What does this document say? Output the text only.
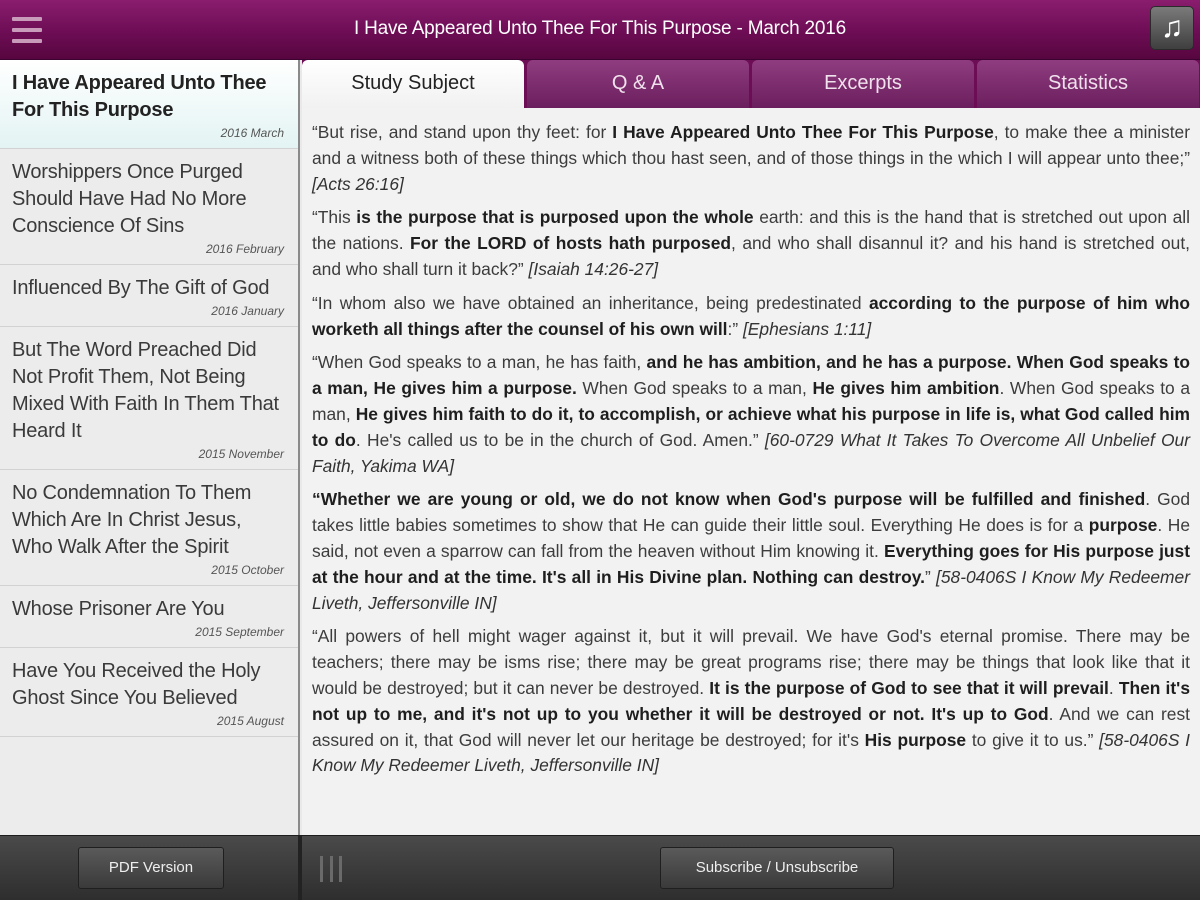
I Have Appeared Unto Thee For This Purpose - March 2016	♫
I Have Appeared Unto Thee For This Purpose
2016 March
Worshippers Once Purged Should Have Had No More Conscience Of Sins
2016 February
Influenced By The Gift of God
2016 January
But The Word Preached Did Not Profit Them, Not Being Mixed With Faith In Them That Heard It
2015 November
No Condemnation To Them Which Are In Christ Jesus, Who Walk After the Spirit
2015 October
Whose Prisoner Are You
2015 September
Have You Received the Holy Ghost Since You Believed
2015 August
Study Subject	Q & A	Excerpts	Statistics

“But rise, and stand upon thy feet: for I Have Appeared Unto Thee For This Purpose, to make thee a minister and a witness both of these things which thou hast seen, and of those things in the which I will appear unto thee;” [Acts 26:16]

“This is the purpose that is purposed upon the whole earth: and this is the hand that is stretched out upon all the nations. For the LORD of hosts hath purposed, and who shall disannul it? and his hand is stretched out, and who shall turn it back?” [Isaiah 14:26-27]

“In whom also we have obtained an inheritance, being predestinated according to the purpose of him who worketh all things after the counsel of his own will:” [Ephesians 1:11]

“When God speaks to a man, he has faith, and he has ambition, and he has a purpose. When God speaks to a man, He gives him a purpose. When God speaks to a man, He gives him ambition. When God speaks to a man, He gives him faith to do it, to accomplish, or achieve what his purpose in life is, what God called him to do. He's called us to be in the church of God. Amen.” [60-0729 What It Takes To Overcome All Unbelief Our Faith, Yakima WA]

“Whether we are young or old, we do not know when God's purpose will be fulfilled and finished. God takes little babies sometimes to show that He can guide their little soul. Everything He does is for a purpose. He said, not even a sparrow can fall from the heaven without Him knowing it. Everything goes for His purpose just at the hour and at the time. It's all in His Divine plan. Nothing can destroy.” [58-0406S I Know My Redeemer Liveth, Jeffersonville IN]

“All powers of hell might wager against it, but it will prevail. We have God's eternal promise. There may be teachers; there may be isms rise; there may be great programs rise; there may be things that look like that it would be destroyed; but it can never be destroyed. It is the purpose of God to see that it will prevail. Then it's not up to me, and it's not up to you whether it will be destroyed or not. It's up to God. And we can rest assured on it, that God will never let our heritage be destroyed; for it's His purpose to give it to us.” [58-0406S I Know My Redeemer Liveth, Jeffersonville IN]

PDF Version	Subscribe / Unsubscribe
